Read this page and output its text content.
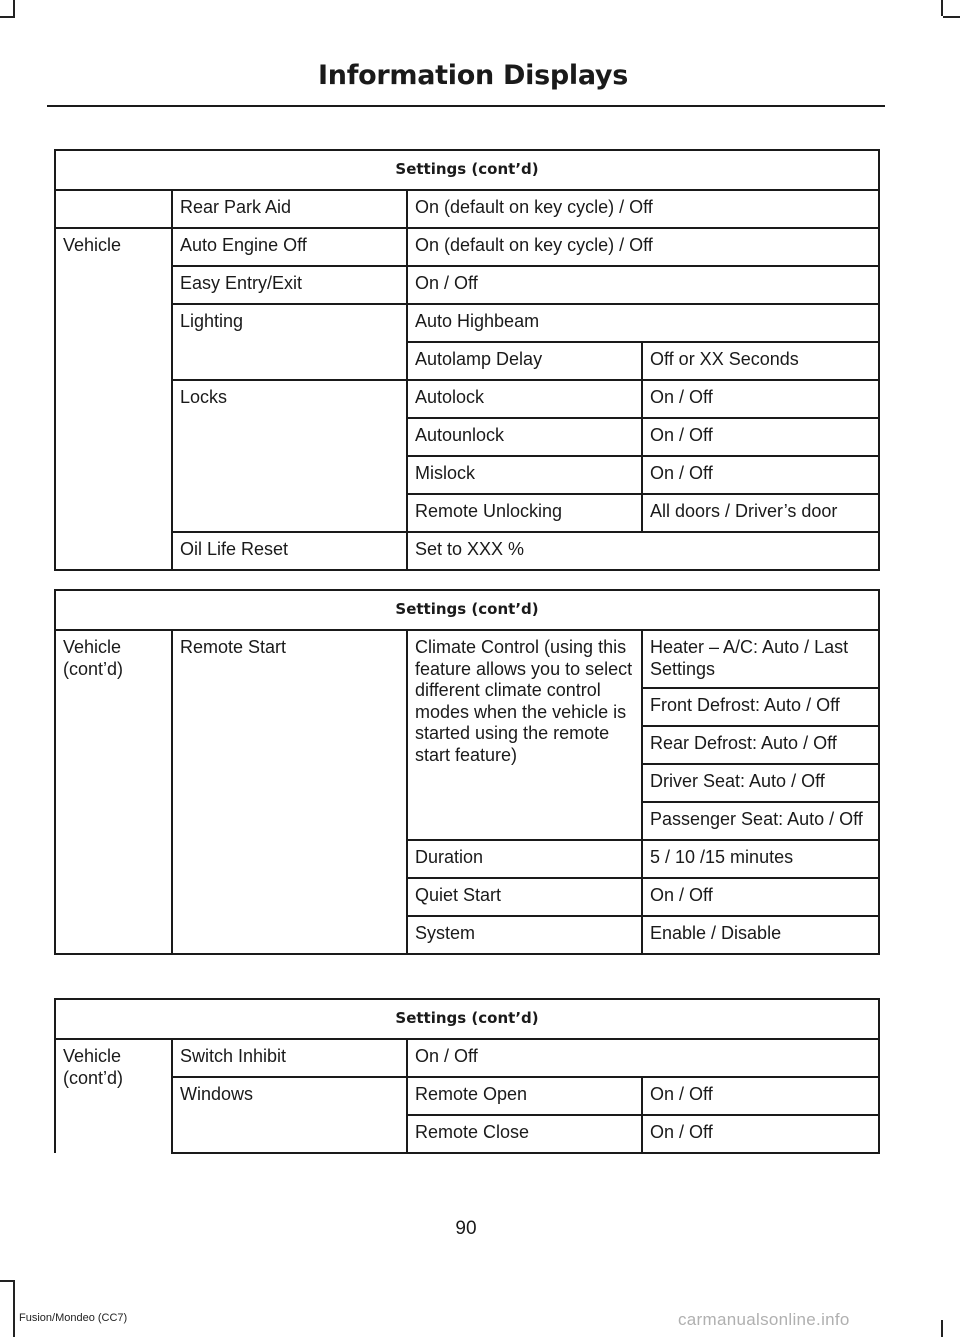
Information Displays
Settings (cont’d)			
	Rear Park Aid	On (default on key cycle) / Off	
Vehicle	Auto Engine Off	On (default on key cycle) / Off	
	Easy Entry/Exit	On / Off	
	Lighting	Auto Highbeam	
		Autolamp Delay	Off or XX Seconds
	Locks	Autolock	On / Off
		Autounlock	On / Off
		Mislock	On / Off
		Remote Unlocking	All doors / Driver’s door
	Oil Life Reset	Set to XXX %	
Settings (cont’d)			
Vehicle (cont’d)	Remote Start	Climate Control (using this feature allows you to select different climate control modes when the vehicle is started using the remote start feature)	Heater – A/C: Auto / Last Settings
			Front Defrost: Auto / Off
			Rear Defrost: Auto / Off
			Driver Seat: Auto / Off
			Passenger Seat: Auto / Off
		Duration	5 / 10 /15 minutes
		Quiet Start	On / Off
		System	Enable / Disable
Settings (cont’d)			
Vehicle (cont’d)	Switch Inhibit	On / Off	
	Windows	Remote Open	On / Off
		Remote Close	On / Off
90
Fusion/Mondeo (CC7)	carmanualsonline.info
